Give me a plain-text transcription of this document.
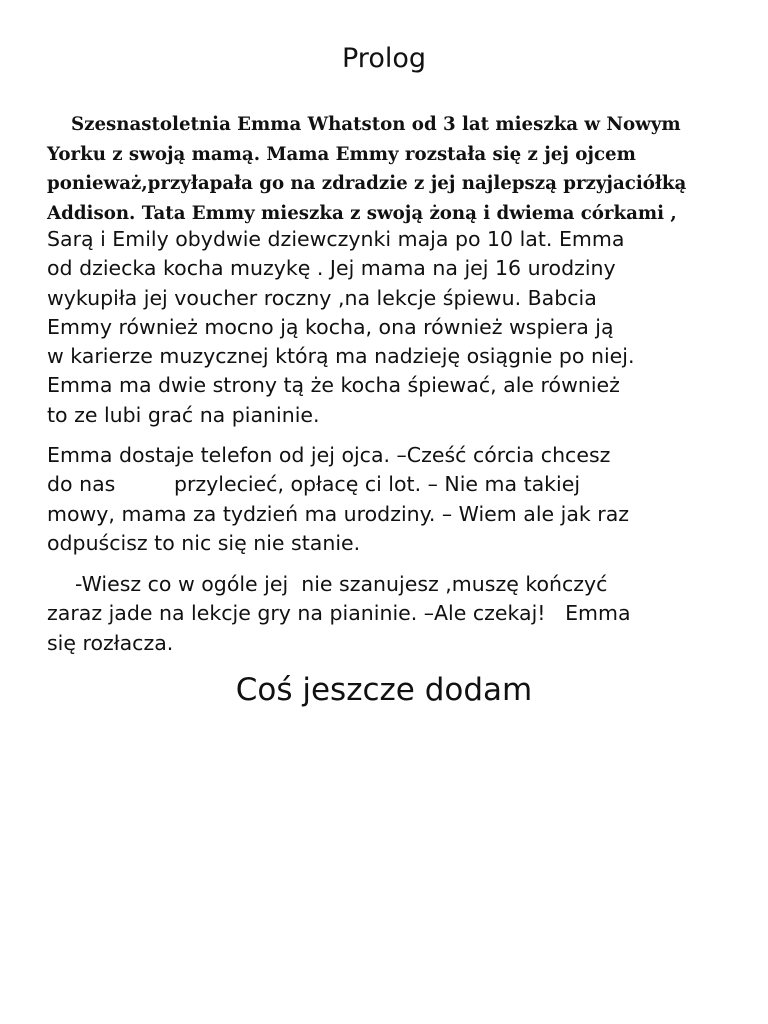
Prolog
Szesnastoletnia Emma Whatston od 3 lat mieszka w Nowym
Yorku z swoją mamą. Mama Emmy rozstała się z jej ojcem
ponieważ,przyłapała go na zdradzie z jej najlepszą przyjaciółką
Addison. Tata Emmy mieszka z swoją żoną i dwiema córkami ,
Sarą i Emily obydwie dziewczynki maja po 10 lat. Emma
od dziecka kocha muzykę . Jej mama na jej 16 urodziny
wykupiła jej voucher roczny ,na lekcje śpiewu. Babcia
Emmy również mocno ją kocha, ona również wspiera ją
w karierze muzycznej którą ma nadzieję osiągnie po niej.
Emma ma dwie strony tą że kocha śpiewać, ale również
to ze lubi grać na pianinie.
Emma dostaje telefon od jej ojca. –Cześć córcia chcesz
do nas         przylecieć, opłacę ci lot. – Nie ma takiej
mowy, mama za tydzień ma urodziny. – Wiem ale jak raz
odpuścisz to nic się nie stanie.
-Wiesz co w ogóle jej  nie szanujesz ,muszę kończyć
zaraz jade na lekcje gry na pianinie. –Ale czekaj!   Emma
się rozłacza.
Coś jeszcze dodam
